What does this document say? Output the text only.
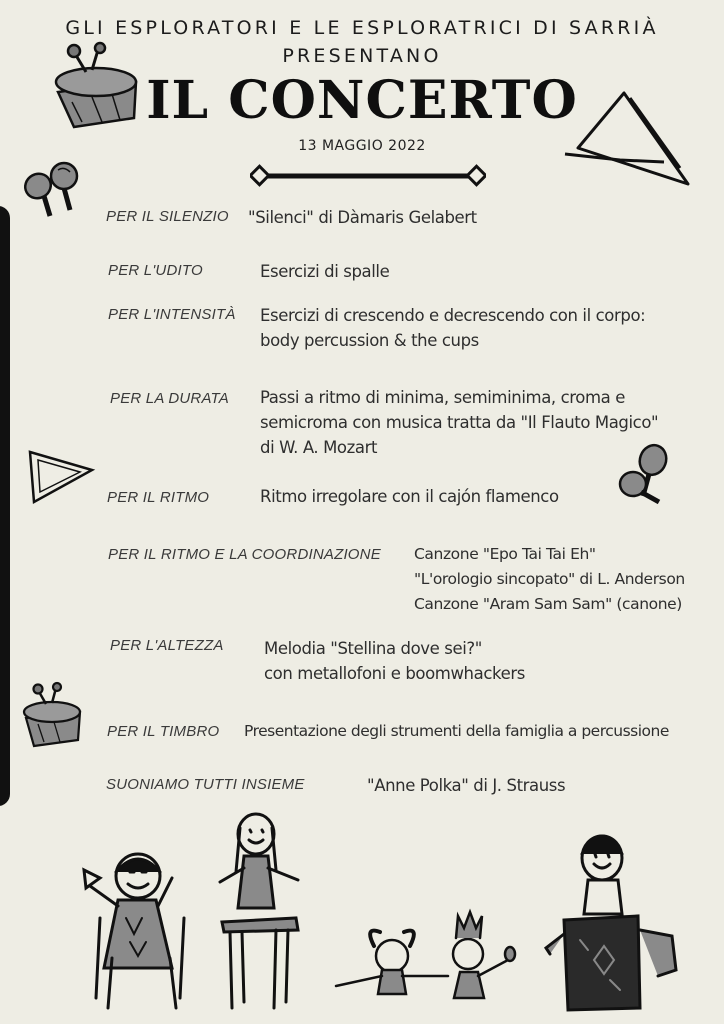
GLI ESPLORATORI E LE ESPLORATRICI DI SARRIÀ
PRESENTANO
IL CONCERTO
13 MAGGIO 2022
PER IL SILENZIO "Silenci" di Dàmaris Gelabert
PER L'UDITO	Esercizi di spalle
PER L'INTENSITÀ Esercizi di crescendo e decrescendo con il corpo:
body percussion & the cups
PER LA DURATA Passi a ritmo di minima, semiminima, croma e
semicroma con musica tratta da "Il Flauto Magico"
di W. A. Mozart
PER IL RITMO	Ritmo irregolare con il cajón flamenco
PER IL RITMO E LA COORDINAZIONE Canzone "Epo Tai Tai Eh"
"L'orologio sincopato" di L. Anderson
Canzone "Aram Sam Sam" (canone)
PER L'ALTEZZA Melodia "Stellina dove sei?"
con metallofoni e boomwhackers
PER IL TIMBRO Presentazione degli strumenti della famiglia a percussione
SUONIAMO TUTTI INSIEME	"Anne Polka" di J. Strauss
